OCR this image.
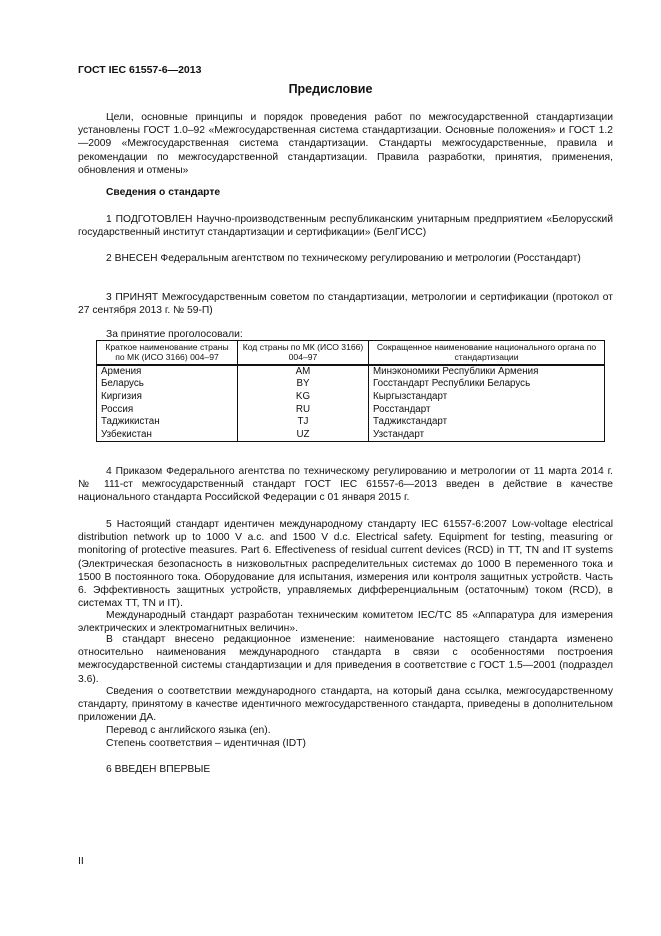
ГОСТ IEC 61557-6—2013
Предисловие
Цели, основные принципы и порядок проведения работ по межгосударственной стандартизации установлены ГОСТ 1.0–92 «Межгосударственная система стандартизации. Основные положения» и ГОСТ 1.2—2009 «Межгосударственная система стандартизации. Стандарты межгосударственные, правила и рекомендации по межгосударственной стандартизации. Правила разработки, принятия, применения, обновления и отмены»
Сведения о стандарте
1 ПОДГОТОВЛЕН Научно-производственным республиканским унитарным предприятием «Белорусский государственный институт стандартизации и сертификации» (БелГИСС)
2 ВНЕСЕН Федеральным агентством по техническому регулированию и метрологии (Росстандарт)
3 ПРИНЯТ Межгосударственным советом по стандартизации, метрологии и сертификации (протокол от 27 сентября 2013 г. № 59-П)
За принятие проголосовали:
Краткое наименование страны по МК (ИСО 3166) 004–97	Код страны по МК (ИСО 3166) 004–97	Сокращенное наименование национального органа по стандартизации
Армения	AM	Минэкономики Республики Армения
Беларусь	BY	Госстандарт Республики Беларусь
Киргизия	KG	Кыргызстандарт
Россия	RU	Росстандарт
Таджикистан	TJ	Таджикстандарт
Узбекистан	UZ	Узстандарт
4 Приказом Федерального агентства по техническому регулированию и метрологии от 11 марта 2014 г. № 111-ст межгосударственный стандарт ГОСТ IEC 61557-6—2013 введен в действие в качестве национального стандарта Российской Федерации с 01 января 2015 г.
5 Настоящий стандарт идентичен международному стандарту IEC 61557-6:2007 Low-voltage electrical distribution network up to 1000 V a.c. and 1500 V d.c. Electrical safety. Equipment for testing, measuring or monitoring of protective measures. Part 6. Effectiveness of residual current devices (RCD) in TT, TN and IT systems (Электрическая безопасность в низковольтных распределительных системах до 1000 В переменного тока и 1500 В постоянного тока. Оборудование для испытания, измерения или контроля защитных устройств. Часть 6. Эффективность защитных устройств, управляемых дифференциальным (остаточным) током (RCD), в системах TT, TN и IT).
Международный стандарт разработан техническим комитетом IEC/TC 85 «Аппаратура для измерения электрических и электромагнитных величин».
В стандарт внесено редакционное изменение: наименование настоящего стандарта изменено относительно наименования международного стандарта в связи с особенностями построения межгосударственной системы стандартизации и для приведения в соответствие с ГОСТ 1.5—2001 (подраздел 3.6).
Сведения о соответствии международного стандарта, на который дана ссылка, межгосударственному стандарту, принятому в качестве идентичного межгосударственного стандарта, приведены в дополнительном приложении ДА.
Перевод с английского языка (en).
Степень соответствия – идентичная (IDT)
6 ВВЕДЕН ВПЕРВЫЕ
II
